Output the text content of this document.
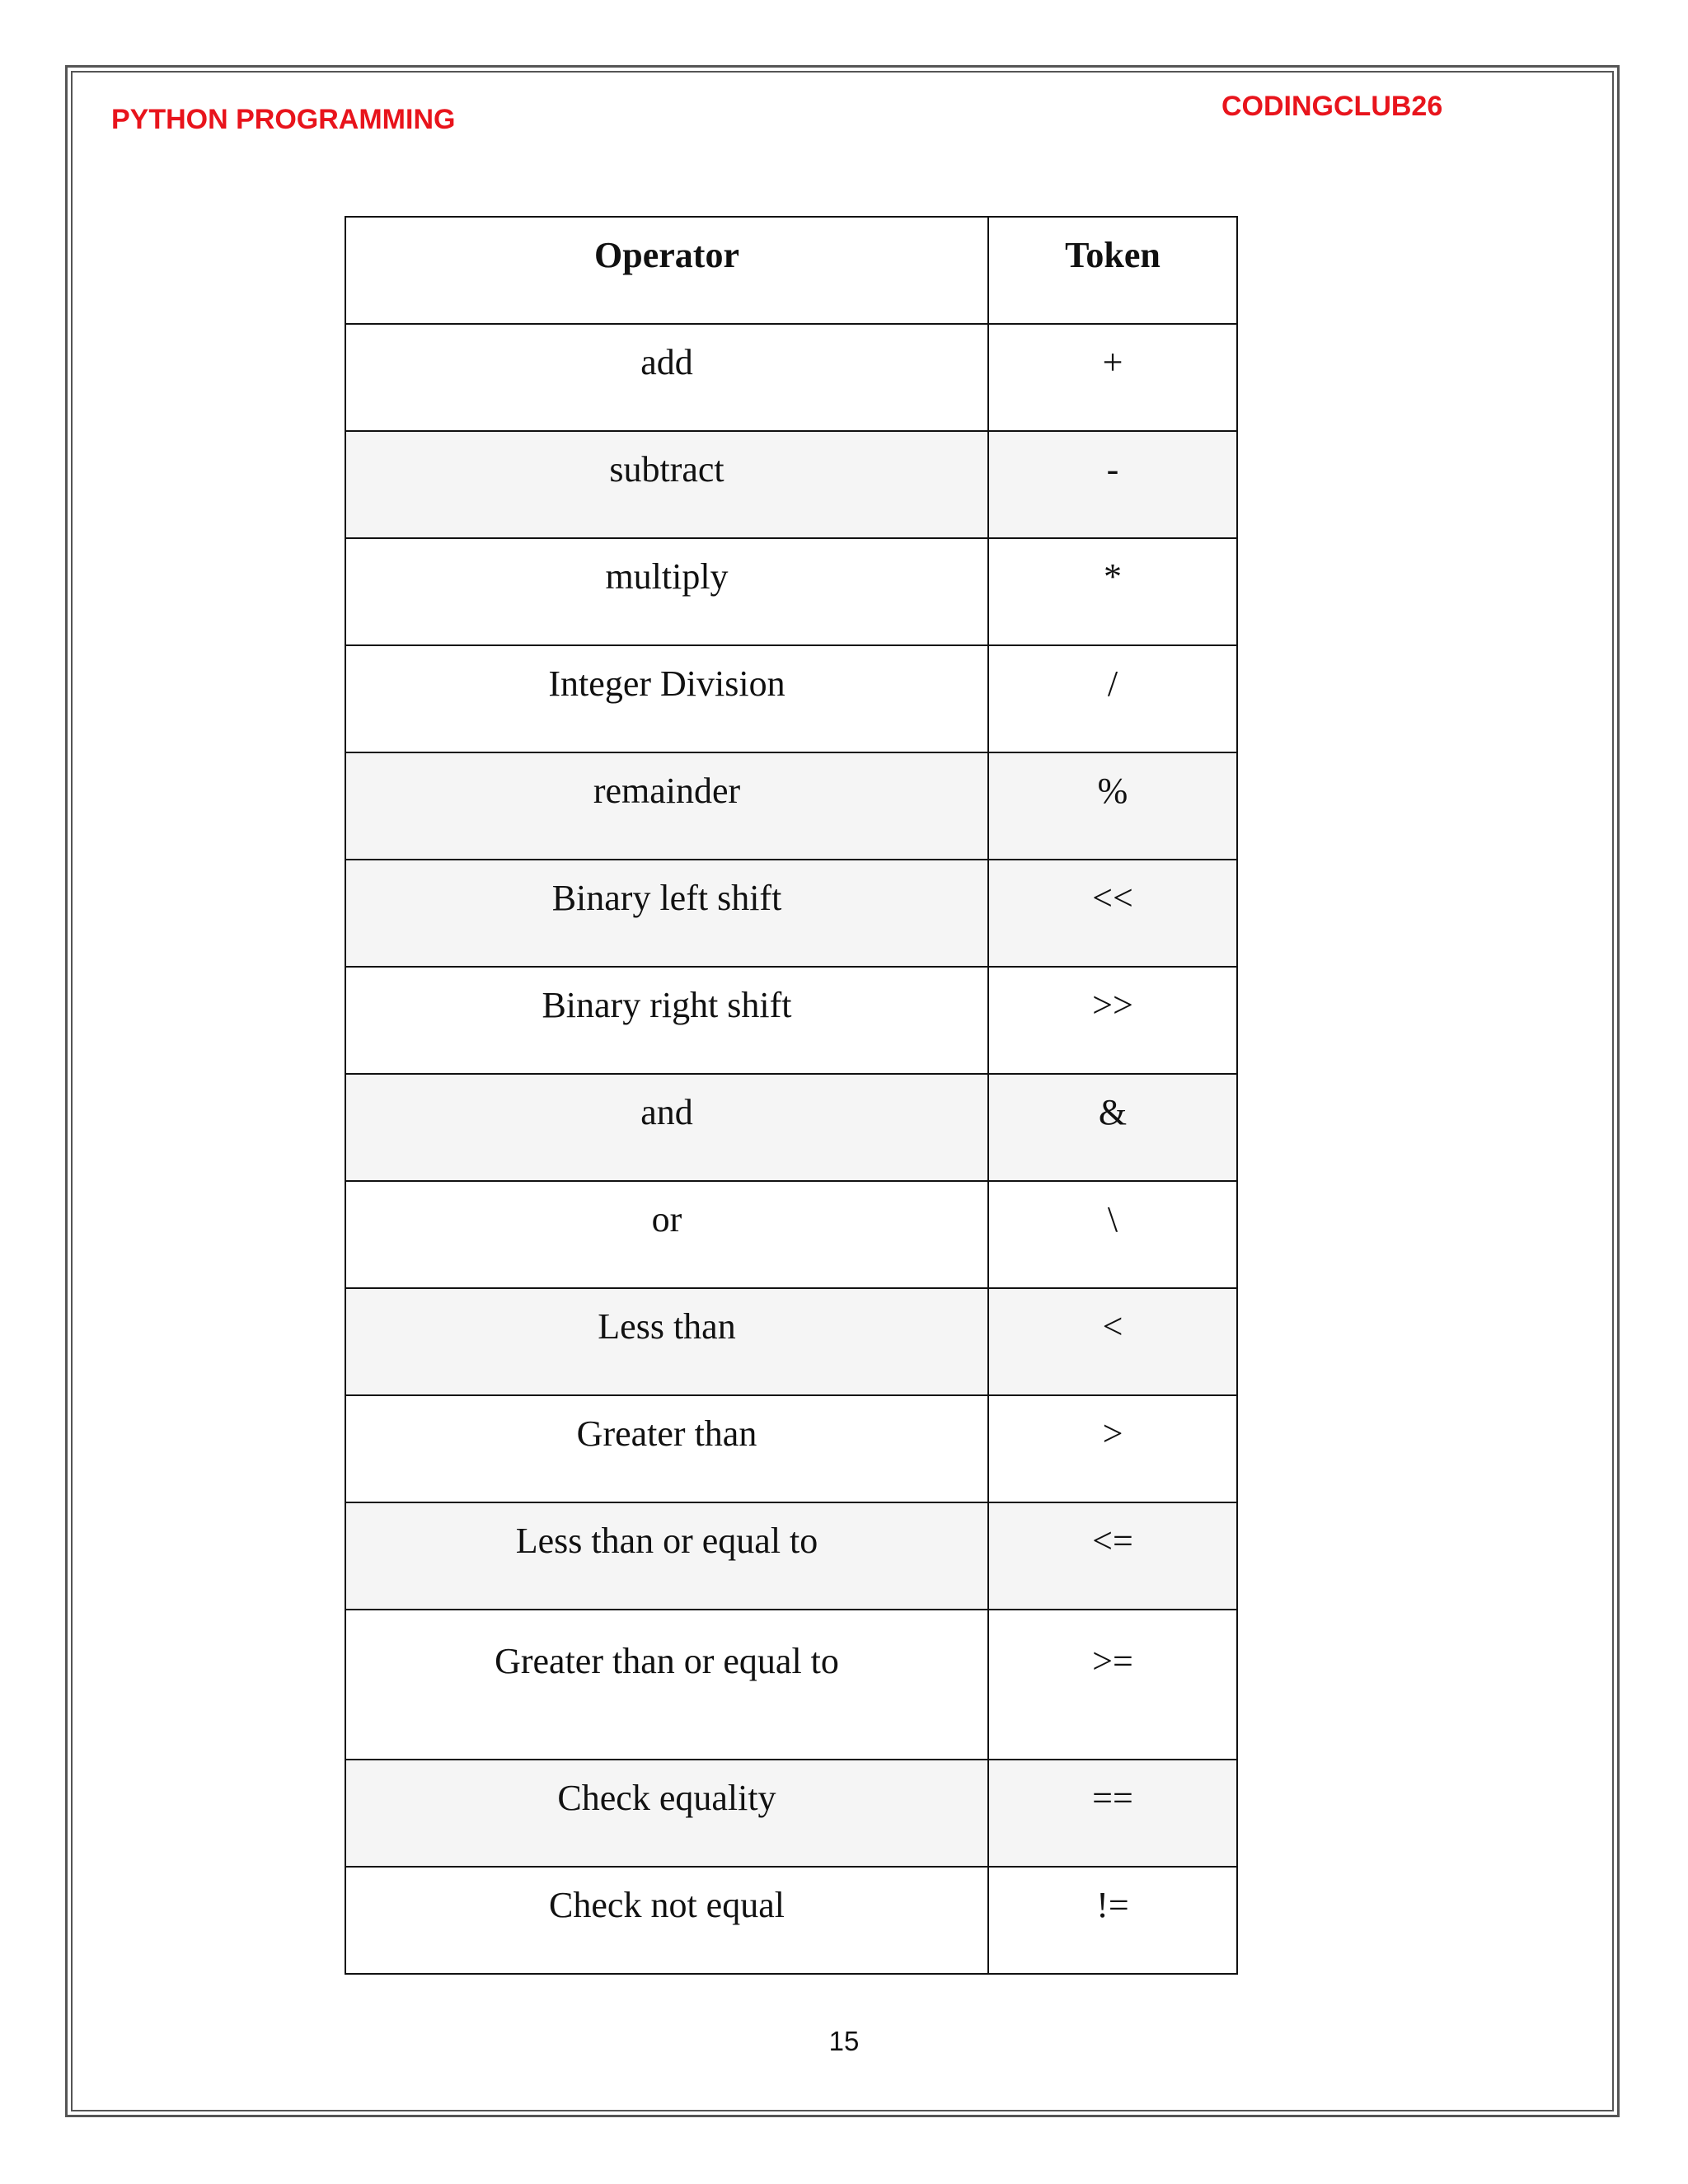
PYTHON PROGRAMMING	CODINGCLUB26
Operator	Token
add	+
subtract	-
multiply	*
Integer Division	/
remainder	%
Binary left shift	<<
Binary right shift	>>
and	&
or	\
Less than	<
Greater than	>
Less than or equal to	<=
Greater than or equal to	>=
Check equality	==
Check not equal	!=
15
